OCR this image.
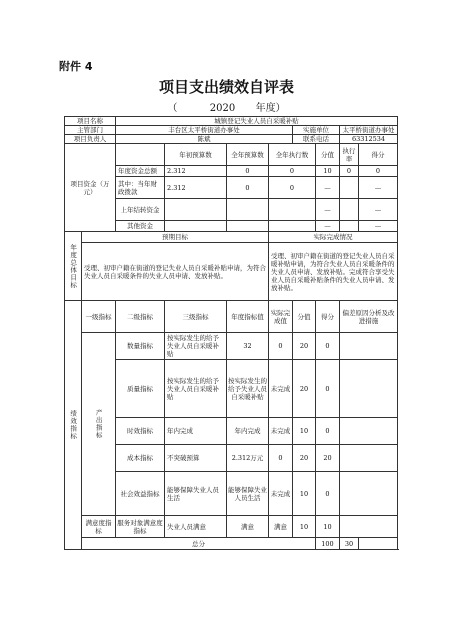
附件 4
项目支出绩效自评表
（	2020 年度）
项目名称		城镇登记失业人员自采暖补贴							
主管部门		丰台区太平桥街道办事处				实施单位		太平桥街道办事处	
项目负责人		陈斌				联系电话		63312534	
项目资金（万元）			年初预算数	全年预算数	全年执行数		分值	执行率	得分
		年度资金总额	2.312	0	0		10	0	0
		其中：当年财政拨款	2.312	0	0		—		—
		上年结转资金					—		—
		其他资金					—		—
年度总体目标	预期目标				实际完成情况				
	受理、初审户籍在街道的登记失业人员自采暖补贴申请，为符合失业人员自采暖条件的失业人员申请、发放补贴。				受理、初审户籍在街道的登记失业人员自采暖补贴申请，为符合失业人员自采暖条件的失业人员申请、发放补贴。完成符合享受失业人员自采暖补贴条件的失业人员申请、发放补贴。				
绩效指标	一级指标	二级指标	三级指标	年度指标值	实际完成值	分值	得分	偏差原因分析及改进措施	
	产出指标	数量指标	按实际发生的给予失业人员自采暖补贴	32	0	20	0		
		质量指标	按实际发生的给予失业人员自采暖补贴	按实际发生的给予失业人员自采暖补贴	未完成	20	0		
		时效指标	年内完成	年内完成	未完成	10	0		
		成本指标	不突破预算	2.312万元	0	20	20		
		社会效益指标	能够保障失业人员生活	能够保障失业人员生活	未完成	10	0		
	满意度指标	服务对象满意度指标	失业人员满意	满意	满意	10	10		
	总分						100	30	
